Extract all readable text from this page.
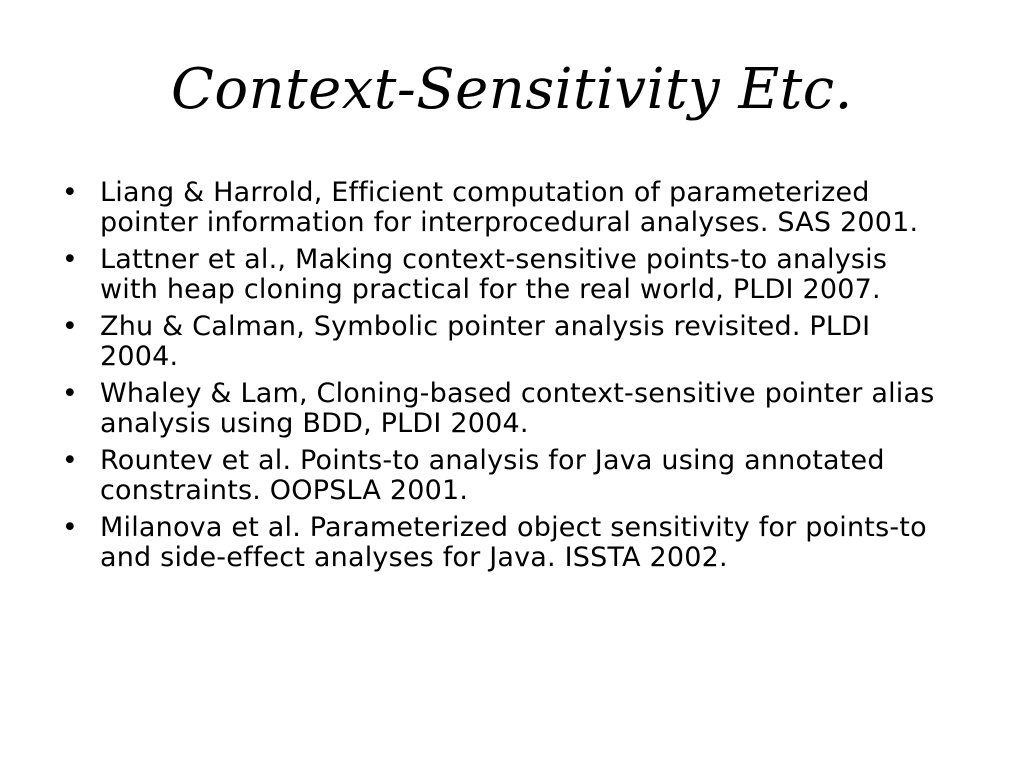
Context-Sensitivity Etc.
• Liang & Harrold, Efficient computation of parameterized pointer information for interprocedural analyses. SAS 2001.
• Lattner et al., Making context-sensitive points-to analysis with heap cloning practical for the real world, PLDI 2007.
• Zhu & Calman, Symbolic pointer analysis revisited. PLDI 2004.
• Whaley & Lam, Cloning-based context-sensitive pointer alias analysis using BDD, PLDI 2004.
• Rountev et al. Points-to analysis for Java using annotated constraints. OOPSLA 2001.
• Milanova et al. Parameterized object sensitivity for points-to and side-effect analyses for Java. ISSTA 2002.
